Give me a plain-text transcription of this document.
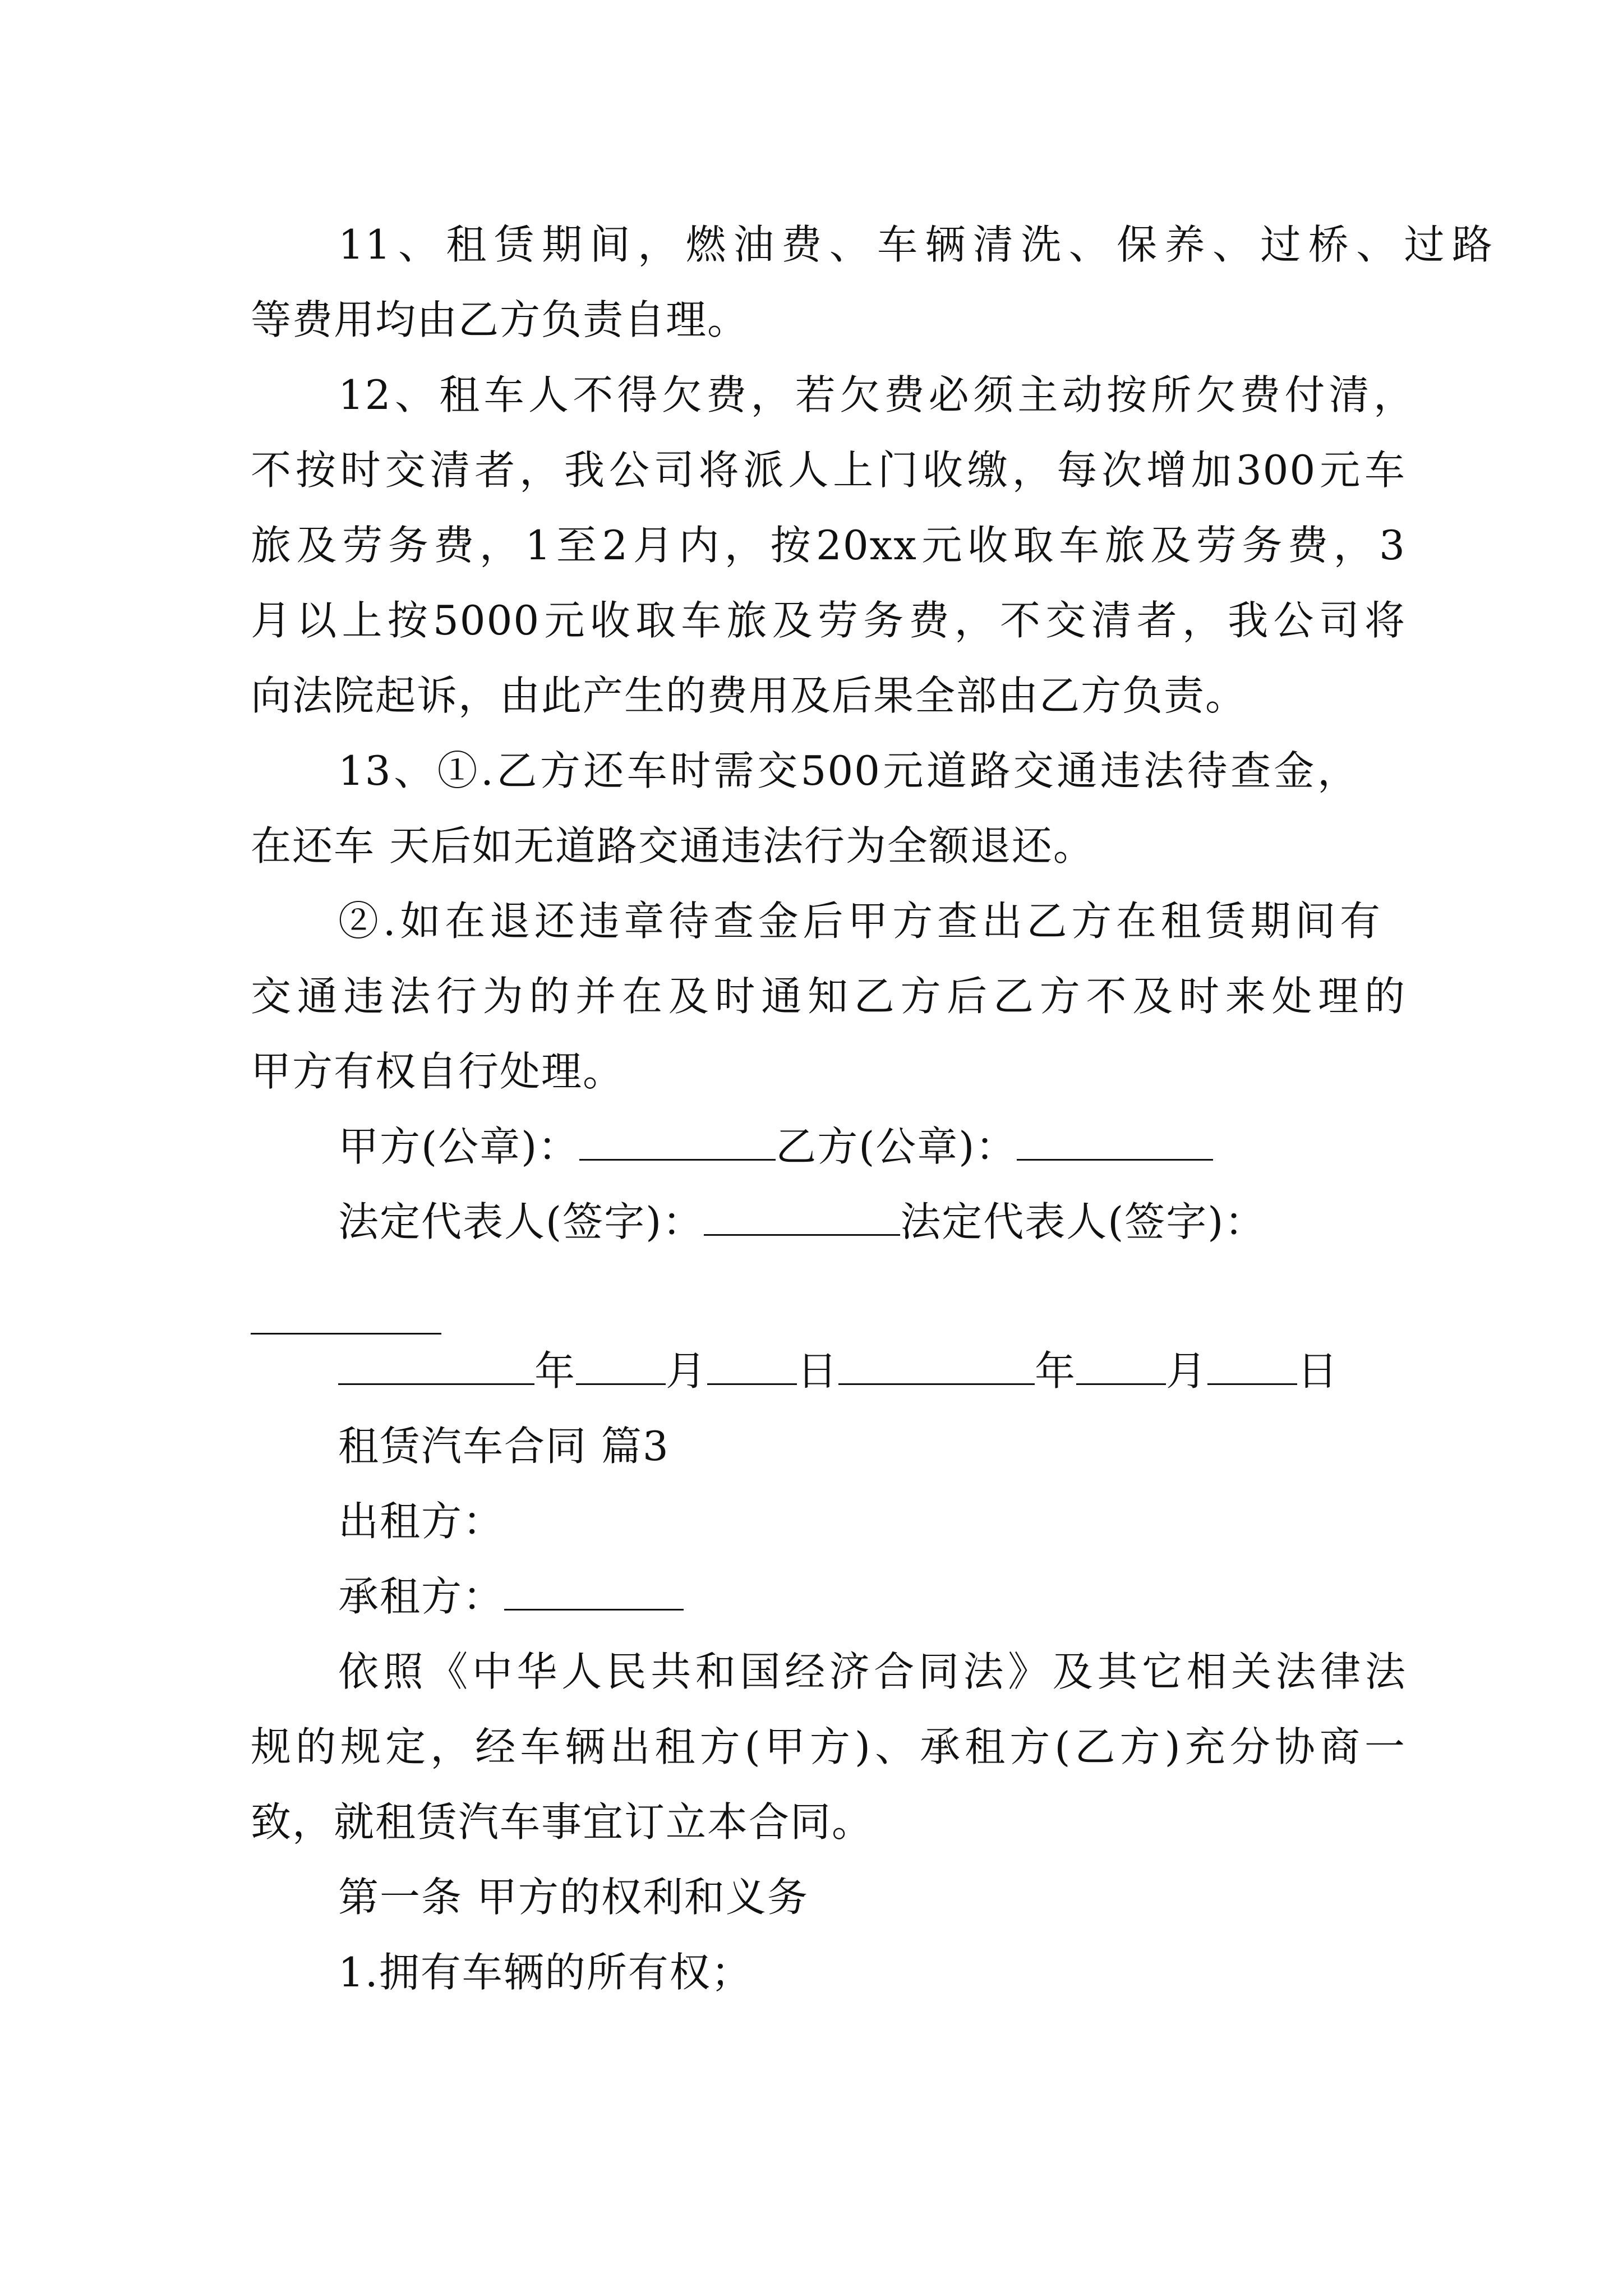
11、租赁期间，燃油费、车辆清洗、保养、过桥、过路
等费用均由乙方负责自理。
12、租车人不得欠费，若欠费必须主动按所欠费付清，
不按时交清者，我公司将派人上门收缴，每次增加300元车
旅及劳务费，1至2月内，按20xx元收取车旅及劳务费，3
月以上按5000元收取车旅及劳务费，不交清者，我公司将
向法院起诉，由此产生的费用及后果全部由乙方负责。
13、①.乙方还车时需交500元道路交通违法待查金，
在还车 天后如无道路交通违法行为全额退还。
②.如在退还违章待查金后甲方查出乙方在租赁期间有
交通违法行为的并在及时通知乙方后乙方不及时来处理的
甲方有权自行处理。
甲方(公章)：	乙方(公章)：
法定代表人(签字)：	法定代表人(签字)：
年 月 日	年 月 日
租赁汽车合同 篇3
出租方：
承租方：
依照《中华人民共和国经济合同法》及其它相关法律法
规的规定，经车辆出租方(甲方)、承租方(乙方)充分协商一
致，就租赁汽车事宜订立本合同。
第一条 甲方的权利和义务
1.拥有车辆的所有权；
